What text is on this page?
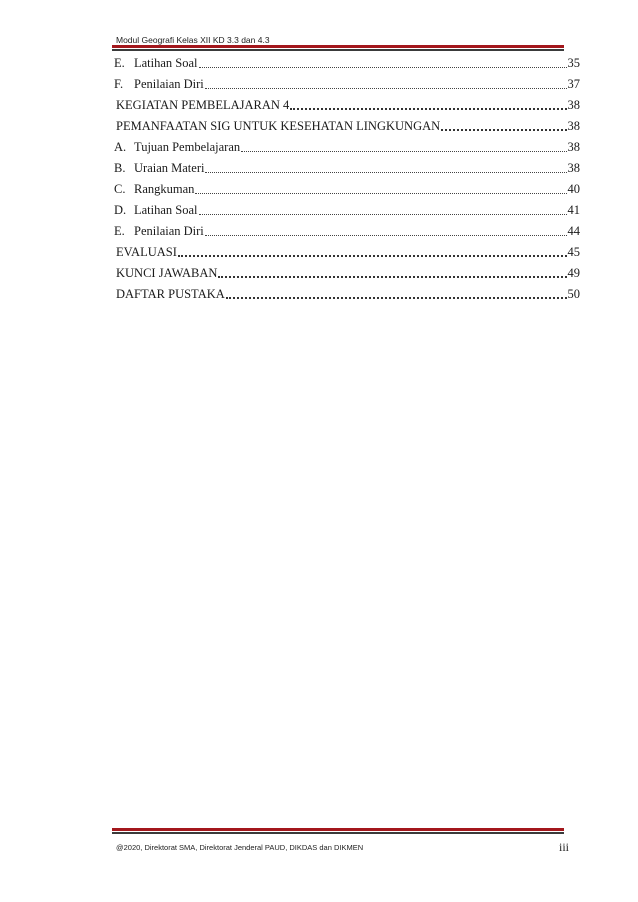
Modul Geografi Kelas XII KD 3.3 dan 4.3
E. Latihan Soal	35
F. Penilaian Diri	37
KEGIATAN PEMBELAJARAN 4	38
PEMANFAATAN SIG UNTUK KESEHATAN LINGKUNGAN	38
A. Tujuan Pembelajaran	38
B. Uraian Materi	38
C. Rangkuman	40
D. Latihan Soal	41
E. Penilaian Diri	44
EVALUASI	45
KUNCI JAWABAN	49
DAFTAR PUSTAKA	50
@2020, Direktorat SMA, Direktorat Jenderal PAUD, DIKDAS dan DIKMEN	iii
